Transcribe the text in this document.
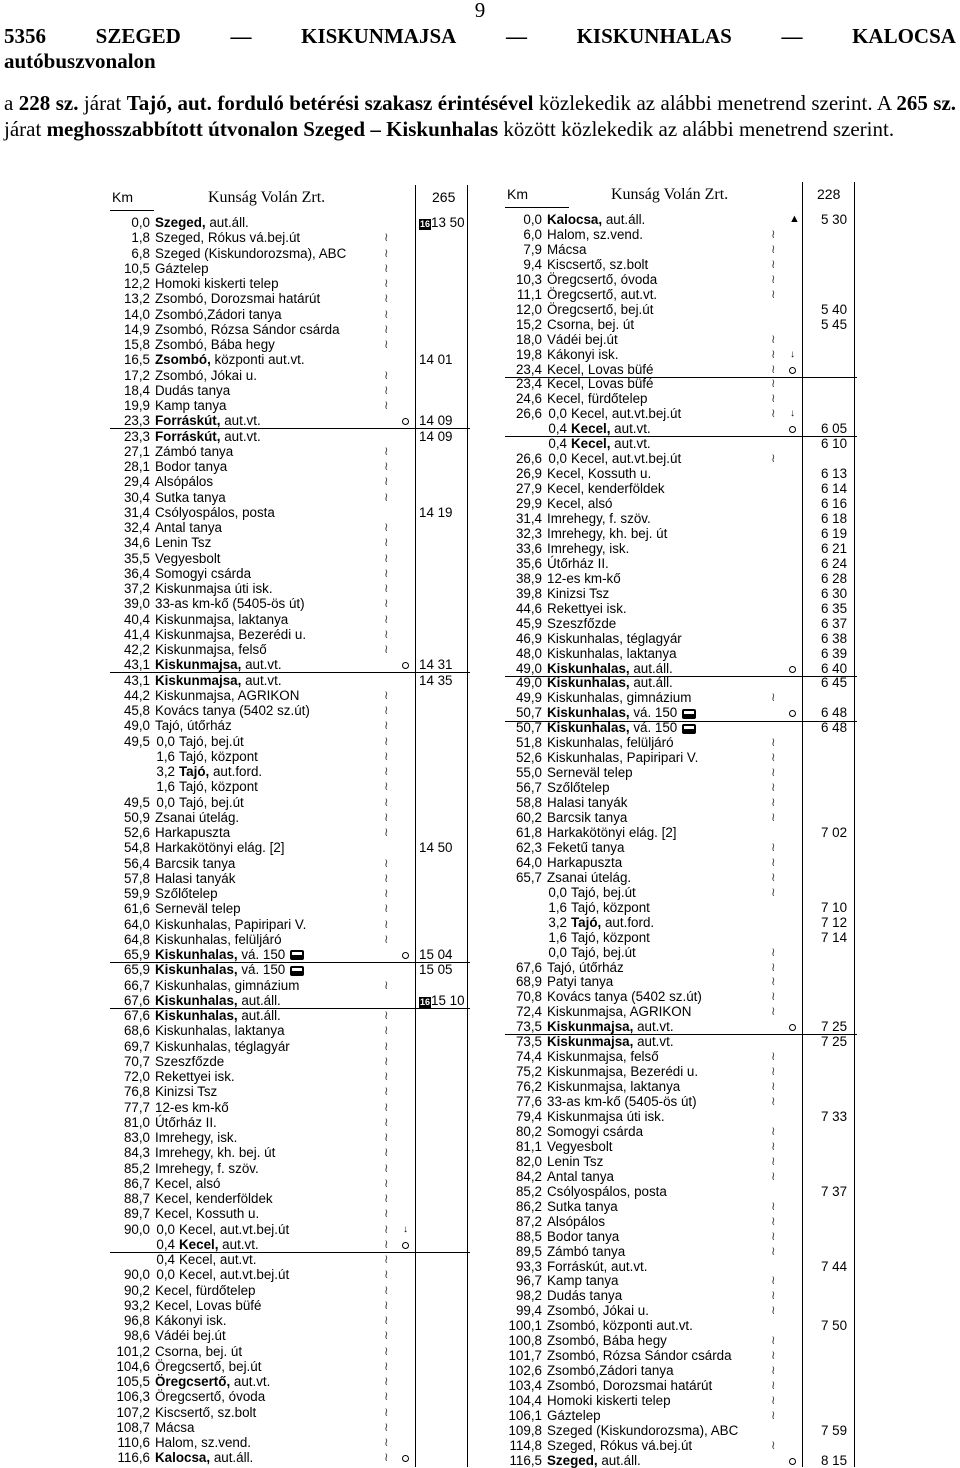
9
5356 SZEGED — KISKUNMAJSA — KISKUNHALAS — KALOCSA
autóbuszvonalon
a 228 sz. járat Tajó, aut. forduló betérési szakasz érintésével közlekedik az alábbi menetrend szerint. A 265 sz. járat meghosszabbított útvonalon Szeged – Kiskunhalas között közlekedik az alábbi menetrend szerint.
Km	Kunság Volán Zrt.	265
0,0 Szeged, aut.áll.	1613 50
1,8 Szeged, Rókus vá.bej.út	≀
6,8 Szeged (Kiskundorozsma), ABC	≀
10,5 Gáztelep	≀
12,2 Homoki kiskerti telep	≀
13,2 Zsombó, Dorozsmai határút	≀
14,0 Zsombó,Zádori tanya	≀
14,9 Zsombó, Rózsa Sándor csárda	≀
15,8 Zsombó, Bába hegy	≀
16,5 Zsombó, központi aut.vt.	14 01
17,2 Zsombó, Jókai u.	≀
18,4 Dudás tanya	≀
19,9 Kamp tanya	≀
23,3 Forráskút, aut.vt.	14 09
23,3 Forráskút, aut.vt.	14 09
27,1 Zámbó tanya	≀
28,1 Bodor tanya	≀
29,4 Alsópálos	≀
30,4 Sutka tanya	≀
31,4 Csólyospálos, posta	14 19
32,4 Antal tanya	≀
34,6 Lenin Tsz	≀
35,5 Vegyesbolt	≀
36,4 Somogyi csárda	≀
37,2 Kiskunmajsa úti isk.	≀
39,0 33-as km-kő (5405-ös út)	≀
40,4 Kiskunmajsa, laktanya	≀
41,4 Kiskunmajsa, Bezerédi u.	≀
42,2 Kiskunmajsa, felső	≀
43,1 Kiskunmajsa, aut.vt.	14 31
43,1 Kiskunmajsa, aut.vt.	14 35
44,2 Kiskunmajsa, AGRIKON	≀
45,8 Kovács tanya (5402 sz.út)	≀
49,0 Tajó, útőrház	≀
49,5 0,0 Tajó, bej.út	≀
1,6 Tajó, központ	≀
3,2 Tajó, aut.ford.	≀
1,6 Tajó, központ	≀
49,5 0,0 Tajó, bej.út	≀
50,9 Zsanai útelág.	≀
52,6 Harkapuszta	≀
54,8 Harkakötönyi elág. [2]	14 50
56,4 Barcsik tanya	≀
57,8 Halasi tanyák	≀
59,9 Szőlőtelep	≀
61,6 Serneväl telep	≀
64,0 Kiskunhalas, Papiripari V.	≀
64,8 Kiskunhalas, felüljáró	≀
65,9 Kiskunhalas, vá. 150	15 04
65,9 Kiskunhalas, vá. 150	15 05
66,7 Kiskunhalas, gimnázium	≀
67,6 Kiskunhalas, aut.áll.	1615 10
67,6 Kiskunhalas, aut.áll.	≀
68,6 Kiskunhalas, laktanya	≀
69,7 Kiskunhalas, téglagyár	≀
70,7 Szeszfőzde	≀
72,0 Rekettyei isk.	≀
76,8 Kinizsi Tsz	≀
77,7 12-es km-kő	≀
81,0 Útőrház II.	≀
83,0 Imrehegy, isk.	≀
84,3 Imrehegy, kh. bej. út	≀
85,2 Imrehegy, f. szöv.	≀
86,7 Kecel, alsó	≀
88,7 Kecel, kenderföldek	≀
89,7 Kecel, Kossuth u.	≀
90,0 0,0 Kecel, aut.vt.bej.út	↓
≀
0,4 Kecel, aut.vt.	≀
0,4 Kecel, aut.vt.	≀
90,0 0,0 Kecel, aut.vt.bej.út	≀
90,2 Kecel, fürdőtelep	≀
93,2 Kecel, Lovas büfé	≀
96,8 Kákonyi isk.	≀
98,6 Vádéi bej.út	≀
101,2 Csorna, bej. út	≀
104,6 Öregcsertő, bej.út	≀
105,5 Öregcsertő, aut.vt.	≀
106,3 Öregcsertő, óvoda	≀
107,2 Kiscsertő, sz.bolt	≀
108,7 Mácsa	≀
110,6 Halom, sz.vend.	≀
116,6 Kalocsa, aut.áll.	≀
Km	Kunság Volán Zrt.	228
0,0 Kalocsa, aut.áll.	▲ 5 30
6,0 Halom, sz.vend.	≀
7,9 Mácsa	≀
9,4 Kiscsertő, sz.bolt	≀
10,3 Öregcsertő, óvoda	≀
11,1 Öregcsertő, aut.vt.	≀
12,0 Öregcsertő, bej.út	5 40
15,2 Csorna, bej. út	5 45
18,0 Vádéi bej.út	≀
19,8 Kákonyi isk.	↓
≀
23,4 Kecel, Lovas büfé	≀
23,4 Kecel, Lovas büfé	≀
24,6 Kecel, fürdőtelep	≀
26,6 0,0 Kecel, aut.vt.bej.út	↓
≀
0,4 Kecel, aut.vt.	6 05
0,4 Kecel, aut.vt.	6 10
26,6 0,0 Kecel, aut.vt.bej.út	≀
26,9 Kecel, Kossuth u.	6 13
27,9 Kecel, kenderföldek	6 14
29,9 Kecel, alsó	6 16
31,4 Imrehegy, f. szöv.	6 18
32,3 Imrehegy, kh. bej. út	6 19
33,6 Imrehegy, isk.	6 21
35,6 Útőrház II.	6 24
38,9 12-es km-kő	6 28
39,8 Kinizsi Tsz	6 30
44,6 Rekettyei isk.	6 35
45,9 Szeszfőzde	6 37
46,9 Kiskunhalas, téglagyár	6 38
48,0 Kiskunhalas, laktanya	6 39
49,0 Kiskunhalas, aut.áll.	6 40
49,0 Kiskunhalas, aut.áll.	6 45
49,9 Kiskunhalas, gimnázium	≀
50,7 Kiskunhalas, vá. 150	6 48
50,7 Kiskunhalas, vá. 150	6 48
51,8 Kiskunhalas, felüljáró	≀
52,6 Kiskunhalas, Papiripari V.	≀
55,0 Serneväl telep	≀
56,7 Szőlőtelep	≀
58,8 Halasi tanyák	≀
60,2 Barcsik tanya	≀
61,8 Harkakötönyi elág. [2]	7 02
62,3 Feketű tanya	≀
64,0 Harkapuszta	≀
65,7 Zsanai útelág.	≀
0,0 Tajó, bej.út	≀
1,6 Tajó, központ	7 10
3,2 Tajó, aut.ford.	7 12
1,6 Tajó, központ	7 14
0,0 Tajó, bej.út	≀
67,6 Tajó, útőrház	≀
68,9 Patyi tanya	≀
70,8 Kovács tanya (5402 sz.út)	≀
72,4 Kiskunmajsa, AGRIKON	≀
73,5 Kiskunmajsa, aut.vt.	7 25
73,5 Kiskunmajsa, aut.vt.	7 25
74,4 Kiskunmajsa, felső	≀
75,2 Kiskunmajsa, Bezerédi u.	≀
76,2 Kiskunmajsa, laktanya	≀
77,6 33-as km-kő (5405-ös út)	≀
79,4 Kiskunmajsa úti isk.	7 33
80,2 Somogyi csárda	≀
81,1 Vegyesbolt	≀
82,0 Lenin Tsz	≀
84,2 Antal tanya	≀
85,2 Csólyospálos, posta	7 37
86,2 Sutka tanya	≀
87,2 Alsópálos	≀
88,5 Bodor tanya	≀
89,5 Zámbó tanya	≀
93,3 Forráskút, aut.vt.	7 44
96,7 Kamp tanya	≀
98,2 Dudás tanya	≀
99,4 Zsombó, Jókai u.	≀
100,1 Zsombó, központi aut.vt.	7 50
100,8 Zsombó, Bába hegy	≀
101,7 Zsombó, Rózsa Sándor csárda	≀
102,6 Zsombó,Zádori tanya	≀
103,4 Zsombó, Dorozsmai határút	≀
104,4 Homoki kiskerti telep	≀
106,1 Gáztelep	≀
109,8 Szeged (Kiskundorozsma), ABC	7 59
114,8 Szeged, Rókus vá.bej.út	≀
116,5 Szeged, aut.áll.	8 15
